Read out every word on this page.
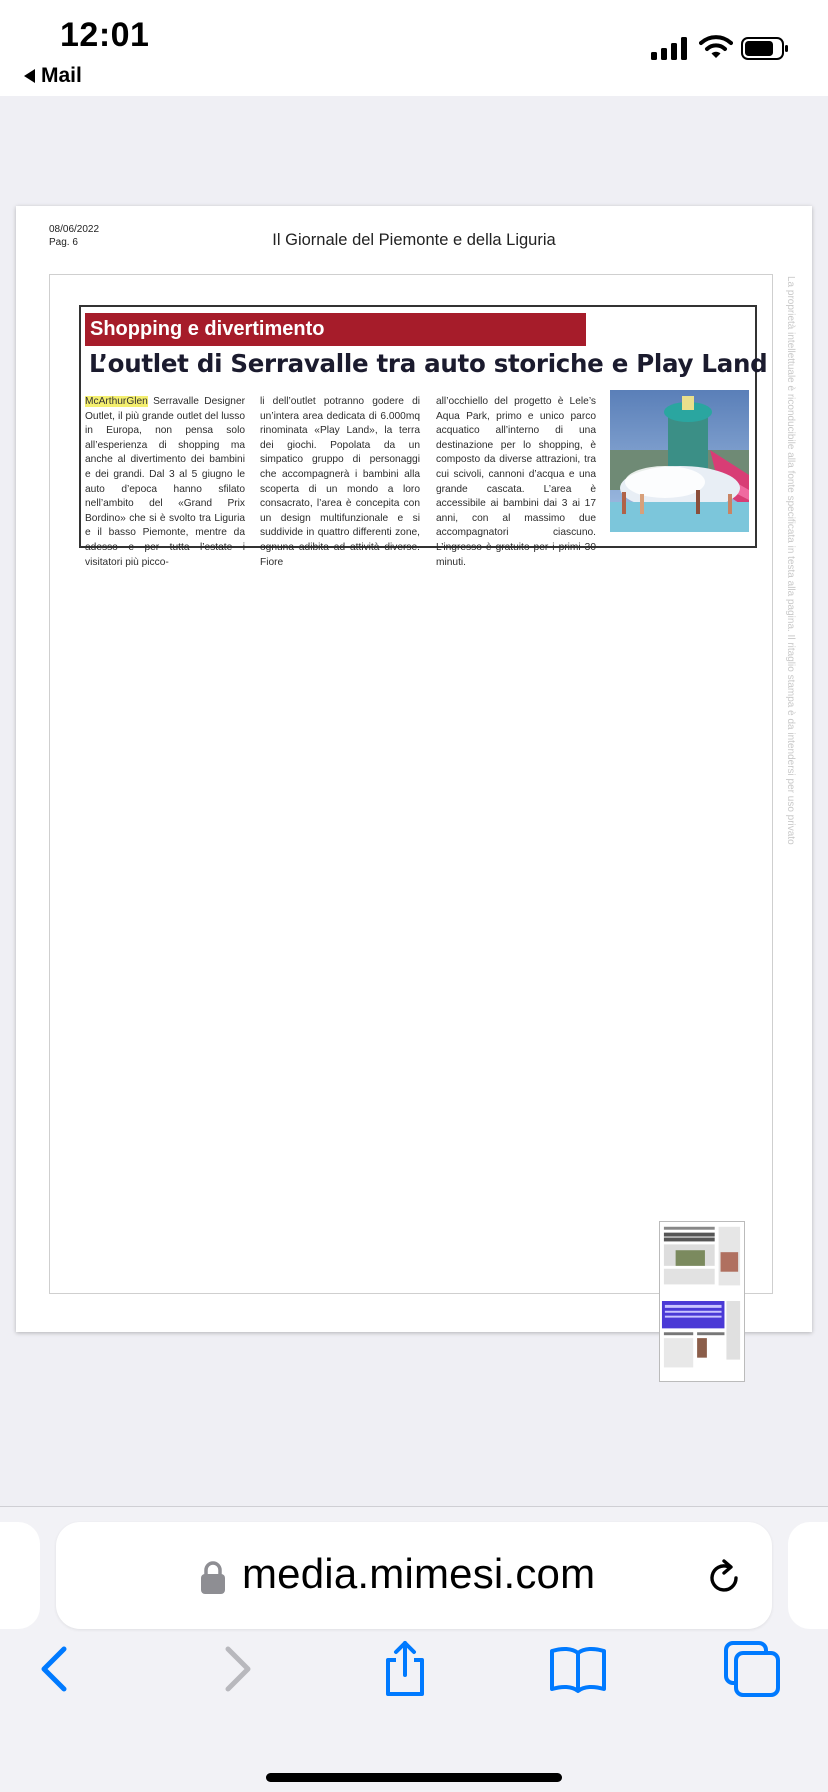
12:01
Mail
08/06/2022
Pag. 6	Il Giornale del Piemonte e della Liguria
La proprietà intellettuale è riconducibile alla fonte specificata in testa alla pagina. Il ritaglio stampa è da intendersi per uso privato
Shopping e divertimento
L’outlet di Serravalle tra auto storiche e Play Land
McArthurGlen Serravalle Designer Outlet, il più grande outlet del lusso in Europa, non pensa solo all’esperienza di shopping ma anche al divertimento dei bambini e dei grandi. Dal 3 al 5 giugno le auto d’epoca hanno sfilato nell’ambito del «Grand Prix Bordino» che si è svolto tra Liguria e il basso Piemonte, mentre da adesso e per tutta l’estate i visitatori più picco-
li dell’outlet potranno godere di un’intera area dedicata di 6.000mq rinominata «Play Land», la terra dei giochi. Popolata da un simpatico gruppo di personaggi che accompagnerà i bambini alla scoperta di un mondo a loro consacrato, l’area è concepita con un design multifunzionale e si suddivide in quattro differenti zone, ognuna adibita ad attività diverse. Fiore
all’occhiello del progetto è Lele’s Aqua Park, primo e unico parco acquatico all’interno di una destinazione per lo shopping, è composto da diverse attrazioni, tra cui scivoli, cannoni d’acqua e una grande cascata. L’area è accessibile ai bambini dai 3 ai 17 anni, con al massimo due accompagnatori ciascuno. L’ingresso è gratuito per i primi 30 minuti.
media.mimesi.com
